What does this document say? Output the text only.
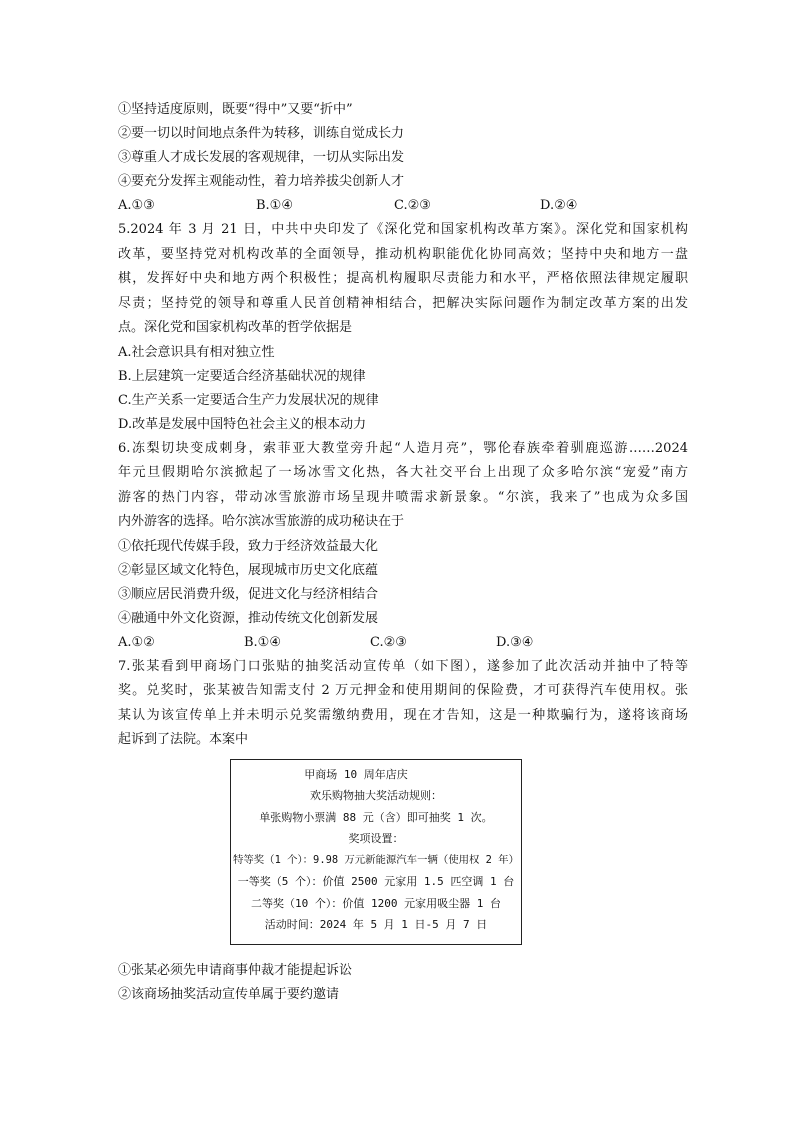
①坚持适度原则，既要“得中”又要“折中”
②要一切以时间地点条件为转移，训练自觉成长力
③尊重人才成长发展的客观规律，一切从实际出发
④要充分发挥主观能动性，着力培养拔尖创新人才
A.①③	B.①④	C.②③	D.②④
5.2024 年 3 月 21 日，中共中央印发了《深化党和国家机构改革方案》。深化党和国家机构
改革，要坚持党对机构改革的全面领导，推动机构职能优化协同高效；坚持中央和地方一盘
棋，发挥好中央和地方两个积极性；提高机构履职尽责能力和水平，严格依照法律规定履职
尽责；坚持党的领导和尊重人民首创精神相结合，把解决实际问题作为制定改革方案的出发
点。深化党和国家机构改革的哲学依据是
A.社会意识具有相对独立性
B.上层建筑一定要适合经济基础状况的规律
C.生产关系一定要适合生产力发展状况的规律
D.改革是发展中国特色社会主义的根本动力
6.冻梨切块变成刺身，索菲亚大教堂旁升起“人造月亮”，鄂伦春族牵着驯鹿巡游……2024
年元旦假期哈尔滨掀起了一场冰雪文化热，各大社交平台上出现了众多哈尔滨“宠爱”南方
游客的热门内容，带动冰雪旅游市场呈现井喷需求新景象。“尔滨，我来了”也成为众多国
内外游客的选择。哈尔滨冰雪旅游的成功秘诀在于
①依托现代传媒手段，致力于经济效益最大化
②彰显区域文化特色，展现城市历史文化底蕴
③顺应居民消费升级，促进文化与经济相结合
④融通中外文化资源，推动传统文化创新发展
A.①②	B.①④	C.②③	D.③④
7.张某看到甲商场门口张贴的抽奖活动宣传单（如下图），遂参加了此次活动并抽中了特等
奖。兑奖时，张某被告知需支付 2 万元押金和使用期间的保险费，才可获得汽车使用权。张
某认为该宣传单上并未明示兑奖需缴纳费用，现在才告知，这是一种欺骗行为，遂将该商场
起诉到了法院。本案中
甲商场 10 周年店庆
欢乐购物抽大奖活动规则：
单张购物小票满 88 元（含）即可抽奖 1 次。
奖项设置：
特等奖（1 个）：9.98 万元新能源汽车一辆（使用权 2 年）
一等奖（5 个）：价值 2500 元家用 1.5 匹空调 1 台
二等奖（10 个）：价值 1200 元家用吸尘器 1 台
活动时间：2024 年 5 月 1 日-5 月 7 日
①张某必须先申请商事仲裁才能提起诉讼
②该商场抽奖活动宣传单属于要约邀请
